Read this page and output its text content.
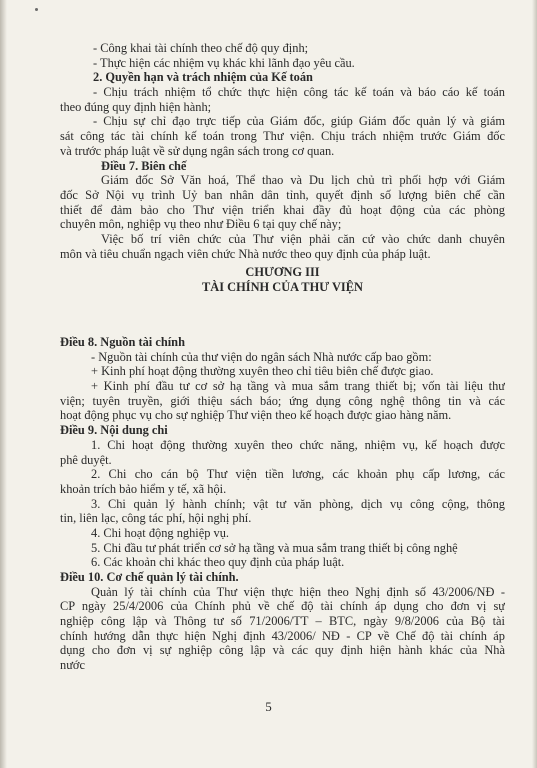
- Công khai tài chính theo chế độ quy định;
- Thực hiện các nhiệm vụ khác khi lãnh đạo yêu cầu.
2. Quyền hạn và trách nhiệm của Kế toán
- Chịu trách nhiệm tổ chức thực hiện công tác kế toán và báo cáo kế toán
theo đúng quy định hiện hành;
- Chịu sự chỉ đạo trực tiếp của Giám đốc, giúp Giám đốc quản lý và giám
sát công tác tài chính kế toán trong Thư viện. Chịu trách nhiệm trước Giám đốc
và trước pháp luật về sử dụng ngân sách trong cơ quan.
Điều 7. Biên chế
Giám đốc Sở Văn hoá, Thể thao và Du lịch chủ trì phối hợp với Giám
đốc Sở Nội vụ trình Uỷ ban nhân dân tỉnh, quyết định số lượng biên chế cần
thiết để đảm bảo cho Thư viện triển khai đầy đủ hoạt động của các phòng
chuyên môn, nghiệp vụ theo như Điều 6 tại quy chế này;
Việc bố trí viên chức của Thư viện phải căn cứ vào chức danh chuyên
môn và tiêu chuẩn ngạch viên chức Nhà nước theo quy định của pháp luật.
CHƯƠNG III
TÀI CHÍNH CỦA THƯ VIỆN
Điều 8. Nguồn tài chính
- Nguồn tài chính của thư viện do ngân sách Nhà nước cấp bao gồm:
+ Kinh phí hoạt động thường xuyên theo chỉ tiêu biên chế được giao.
+ Kinh phí đầu tư cơ sở hạ tầng và mua sắm trang thiết bị; vốn tài liệu thư
viện; tuyên truyền, giới thiệu sách báo; ứng dụng công nghệ thông tin và các
hoạt động phục vụ cho sự nghiệp Thư viện theo kế hoạch được giao hàng năm.
Điều 9. Nội dung chi
1. Chi hoạt động thường xuyên theo chức năng, nhiệm vụ, kế hoạch được
phê duyệt.
2. Chi cho cán bộ Thư viện tiền lương, các khoản phụ cấp lương, các
khoản trích bảo hiểm y tế, xã hội.
3. Chi quản lý hành chính; vật tư văn phòng, dịch vụ công cộng, thông
tin, liên lạc, công tác phí, hội nghị phí.
4. Chi hoạt động nghiệp vụ.
5. Chi đầu tư phát triển cơ sở hạ tầng và mua sắm trang thiết bị công nghệ
6. Các khoản chi khác theo quy định của pháp luật.
Điều 10. Cơ chế quản lý tài chính.
Quản lý tài chính của Thư viện thực hiện theo Nghị định số 43/2006/NĐ -
CP ngày 25/4/2006 của Chính phủ về chế độ tài chính áp dụng cho đơn vị sự
nghiệp công lập và Thông tư số 71/2006/TT – BTC, ngày 9/8/2006 của Bộ tài
chính hướng dẫn thực hiện Nghị định 43/2006/ NĐ - CP về Chế độ tài chính áp
dụng cho đơn vị sự nghiệp công lập và các quy định hiện hành khác của Nhà
nước
5
